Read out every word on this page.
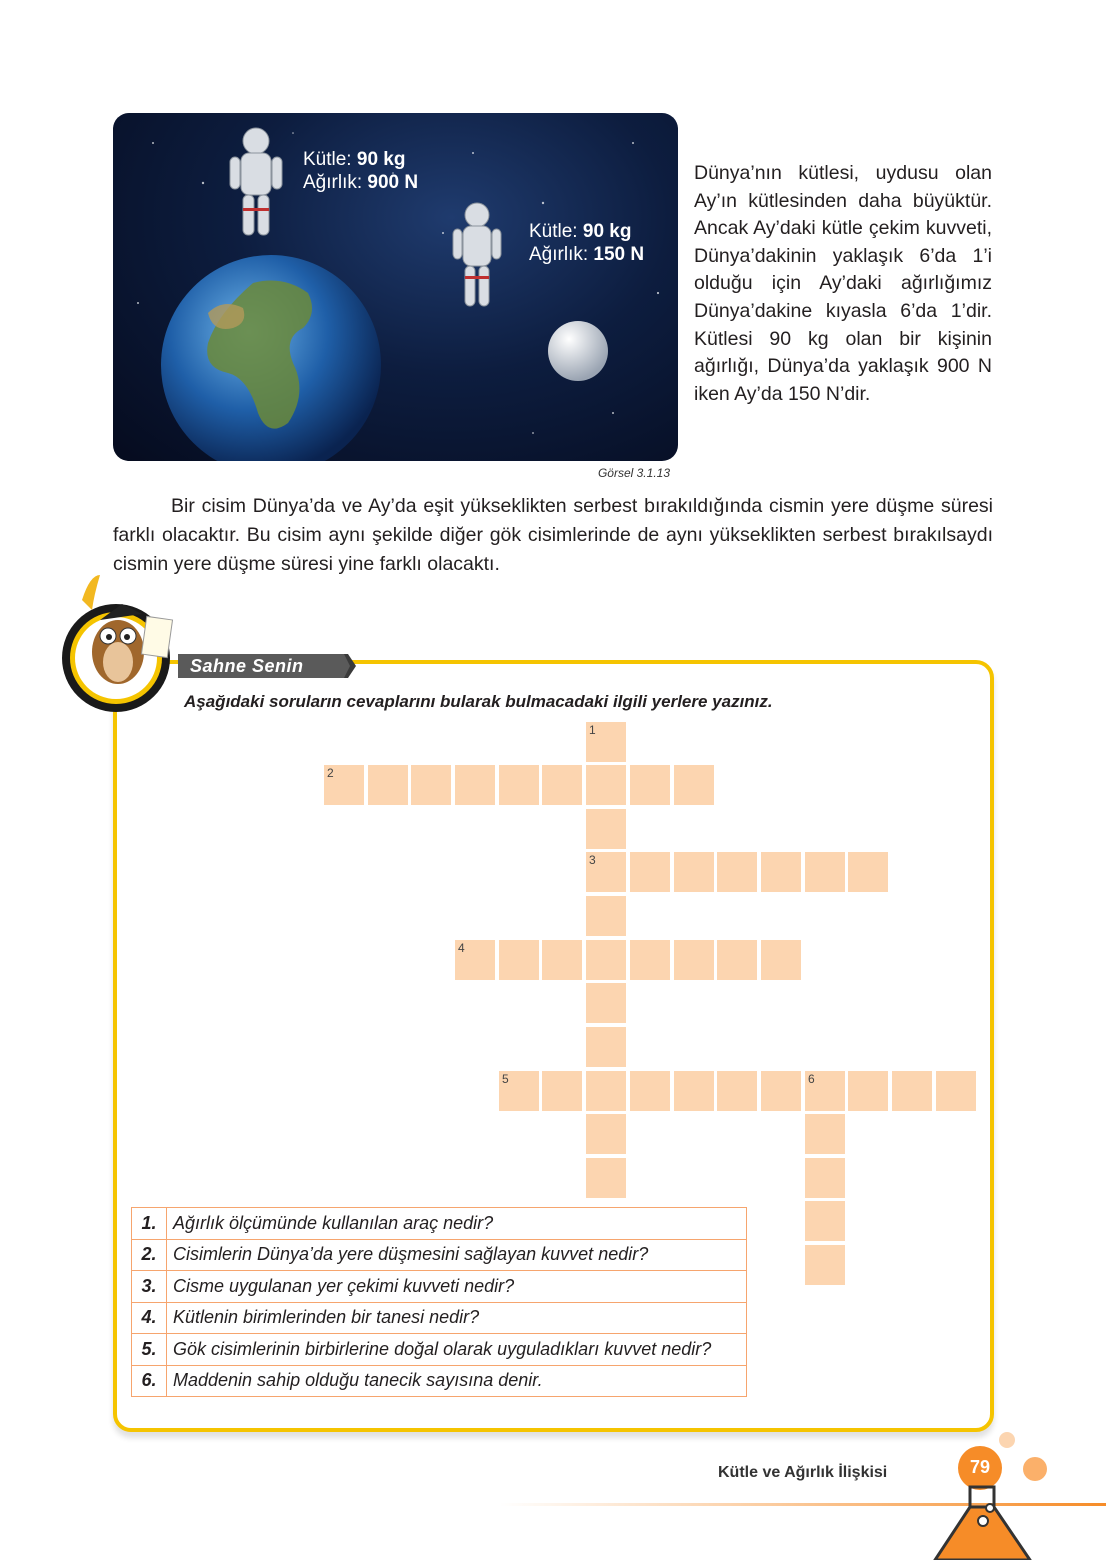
Kütle: 90 kg
Ağırlık: 900 N
Kütle: 90 kg
Ağırlık: 150 N
Görsel 3.1.13
Dünya’nın kütlesi, uydusu olan Ay’ın kütlesinden daha büyüktür. Ancak Ay’daki kütle çekim kuvveti, Dünya’dakinin yaklaşık 6’da 1’i olduğu için Ay’daki ağırlığımız Dünya’dakine kıyasla 6’da 1’dir. Kütlesi 90 kg olan bir kişinin ağırlığı, Dünya’da yaklaşık 900 N iken Ay’da 150 N’dir.
Bir cisim Dünya’da ve Ay’da eşit yükseklikten serbest bırakıldığında cismin yere düşme süresi farklı olacaktır. Bu cisim aynı şekilde diğer gök cisimlerinde de aynı yükseklikten serbest bırakılsaydı cismin yere düşme süresi yine farklı olacaktı.
Sahne Senin
Aşağıdaki soruların cevaplarını bularak bulmacadaki ilgili yerlere yazınız.
1
2
3
4
5	6
1.	Ağırlık ölçümünde kullanılan araç nedir?
2.	Cisimlerin Dünya’da yere düşmesini sağlayan kuvvet nedir?
3.	Cisme uygulanan yer çekimi kuvveti nedir?
4.	Kütlenin birimlerinden bir tanesi nedir?
5.	Gök cisimlerinin birbirlerine doğal olarak uyguladıkları kuvvet nedir?
6.	Maddenin sahip olduğu tanecik sayısına denir.
Kütle ve Ağırlık İlişkisi	79
